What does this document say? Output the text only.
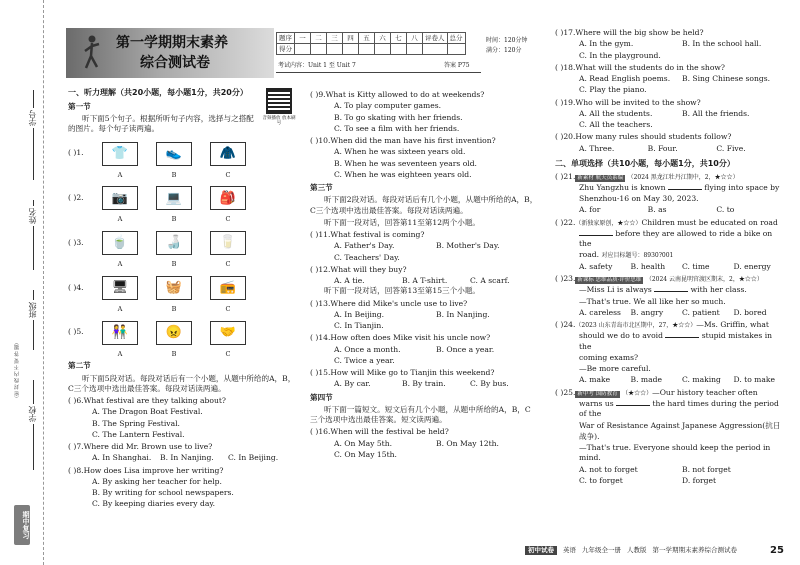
学号
姓名
班级
学校
（密 封 线 内 不 要 答 题）
期中复习
第一学期期末素养
综合测试卷
题序	一	二	三	四	五	六	七	八	评卷人	总分
得分										
时间：120分钟
满分：120分
考试内容：Unit 1 至 Unit 7	答案 P75
一、听力理解（共20小题，每小题1分，共20分）
音频播放 放本刷号
第一节
听下面5个句子。根据所听句子内容，选择与之搭配的图片。每个句子读两遍。
( )1.	👕	👟	🧥
A	B	C
( )2.	📷	💻	🎒
A	B	C
( )3.	🍵	🍶	🥛
A	B	C
( )4.	🖥	🧺	📻
A	B	C
( )5.	👫	😠	🤝
A	B	C
第二节
听下面5段对话。每段对话后有一个小题，从题中所给的A，B，C三个选项中选出最佳答案。每段对话读两遍。
( )6.What festival are they talking about?
A. The Dragon Boat Festival.
B. The Spring Festival.
C. The Lantern Festival.
( )7.Where did Mr. Brown use to live?
A. In Shanghai.	B. In Nanjing.	C. In Beijing.
( )8.How does Lisa improve her writing?
A. By asking her teacher for help.
B. By writing for school newspapers.
C. By keeping diaries every day.
( )9.What is Kitty allowed to do at weekends?
A. To play computer games.
B. To go skating with her friends.
C. To see a film with her friends.
( )10.When did the man have his first invention?
A. When he was sixteen years old.
B. When he was seventeen years old.
C. When he was eighteen years old.
第三节
听下面2段对话。每段对话后有几个小题，从题中所给的A，B，C三个选项中选出最佳答案。每段对话读两遍。
听下面一段对话，回答第11至第12两个小题。
( )11.What festival is coming?
A. Father's Day.	B. Mother's Day.
C. Teachers' Day.
( )12.What will they buy?
A. A tie.	B. A T-shirt.	C. A scarf.
听下面一段对话，回答第13至第15三个小题。
( )13.Where did Mike's uncle use to live?
A. In Beijing.	B. In Nanjing.
C. In Tianjin.
( )14.How often does Mike visit his uncle now?
A. Once a month.	B. Once a year.
C. Twice a year.
( )15.How will Mike go to Tianjin this weekend?
A. By car.	B. By train.	C. By bus.
第四节
听下面一篇短文。短文后有几个小题，从题中所给的A，B，C三个选项中选出最佳答案。短文读两遍。
( )16.When will the festival be held?
A. On May 5th.	B. On May 12th.
C. On May 15th.
( )17.Where will the big show be held?
A. In the gym.	B. In the school hall.
C. In the playground.
( )18.What will the students do in the show?
A. Read English poems.	B. Sing Chinese songs.
C. Play the piano.
( )19.Who will be invited to the show?
A. All the students.	B. All the friends.
C. All the teachers.
( )20.How many rules should students follow?
A. Three.	B. Four.	C. Five.
二、单项选择（共10小题，每小题1分，共10分）
( )21. 新素材 航天员系编 （2024 黑龙江牡丹江期中，2，★☆☆）
Zhu Yangzhu is known	flying into space by
Shenzhou-16 on May 30, 2023.
A. for	B. as	C. to
( )22.（新独家原创，★☆☆）Children must be educated on road
before they are allowed to ride a bike on the
road. 对应目标题号：8930?001
A. safety	B. health	C. time	D. energy
( )23. 新课标 思维品质·评价思维 （2024 云南昆明官渡区期末，2，★☆☆）
—Miss Li is always	with her class.
—That's true. We all like her so much.
A. careless	B. angry	C. patient	D. bored
( )24.（2023 山东青岛市北区期中，27，★☆☆）—Ms. Griffin, what
should we do to avoid	stupid mistakes in the
coming exams?
—Be more careful.
A. make	B. made	C. making	D. to make
( )25. 新中考 国防教育 （★☆☆）—Our history teacher often
warns us	the hard times during the period of the
War of Resistance Against Japanese Aggression(抗日
战争).
—That's true. Everyone should keep the period in mind.
A. not to forget	B. not forget
C. to forget	D. forget
初中试卷	英语 九年级全一册 人教版 第一学期期末素养综合测试卷	25
